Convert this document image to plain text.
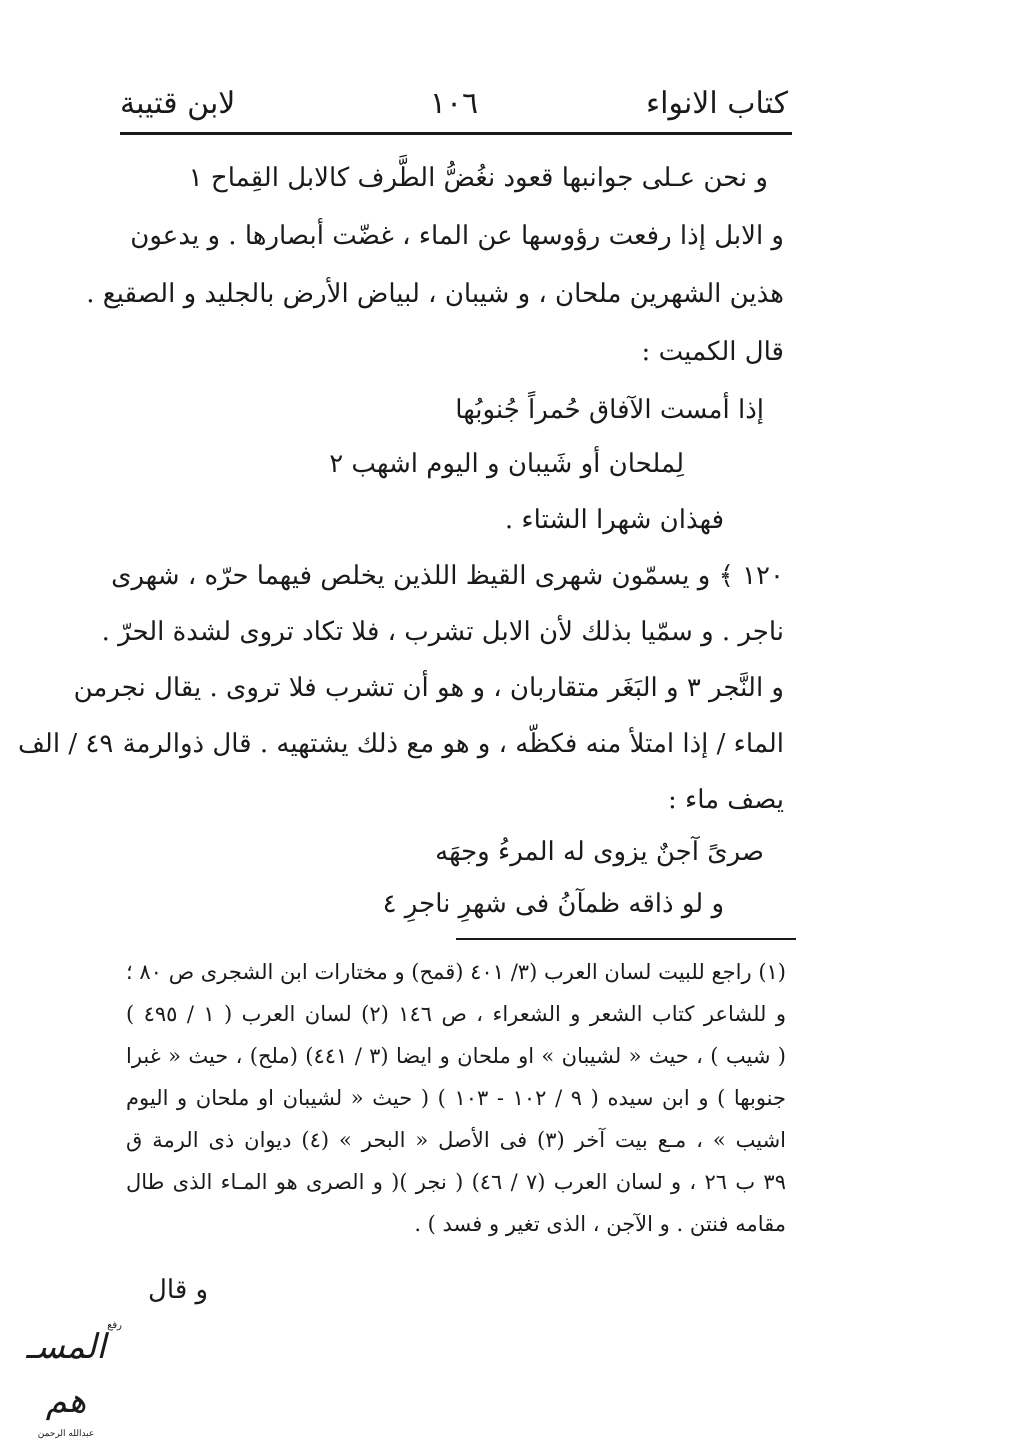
كتاب الانواء
١٠٦
لابن قتيبة
و نحن عـلى جوانبها قعود نغُضُّ الطَّرف كالابل القِماح ١
و الابل إذا رفعت رؤوسها عن الماء ، غضّت أبصارها . و يدعون
هذين الشهرين ملحان ، و شيبان ، لبياض الأرض بالجليد و الصقيع .
قال الكميت :
إذا أمست الآفاق حُمراً جُنوبُها
لِملحان أو شَيبان و اليوم اشهب ٢
فهذان شهرا الشتاء .
١٢٠ ﴾ و يسمّون شهرى القيظ اللذين يخلص فيهما حرّه ، شهرى
ناجر . و سمّيا بذلك لأن الابل تشرب ، فلا تكاد تروى لشدة الحرّ .
و النَّجر ٣ و البَغَر متقاربان ، و هو أن تشرب فلا تروى . يقال نجرمن
الماء / إذا امتلأ منه فكظّه ، و هو مع ذلك يشتهيه . قال ذوالرمة
٤٩ / الف
يصف ماء :
صرىً آجنٌ يزوى له المرءُ وجهَه
و لو ذاقه ظمآنُ فى شهرِ ناجرِ ٤
(١) راجع للبيت لسان العرب (٣/ ٤٠١ (قمح) و مختارات ابن الشجرى ص ٨٠ ؛
و للشاعر كتاب الشعر و الشعراء ، ص ١٤٦ (٢) لسان العرب ( ١ / ٤٩٥ )
( شيب ) ، حيث « لشيبان » او ملحان و ايضا (٣ / ٤٤١) (ملح) ، حيث « غبرا
جنوبها ) و ابن سيده ( ٩ / ١٠٢ - ١٠٣ ) ( حيث « لشيبان او ملحان و اليوم
اشيب » ، مـع بيت آخر (٣) فى الأصل « البحر » (٤) ديوان ذى الرمة ق
٣٩ ب ٢٦ ، و لسان العرب (٧ / ٤٦) ( نجر )( و الصرى هو المـاء الذى طال
مقامه فنتن . و الآجن ، الذى تغير و فسد ) .
و قال
رفع
المسـ هم
عبدالله الرحمن
